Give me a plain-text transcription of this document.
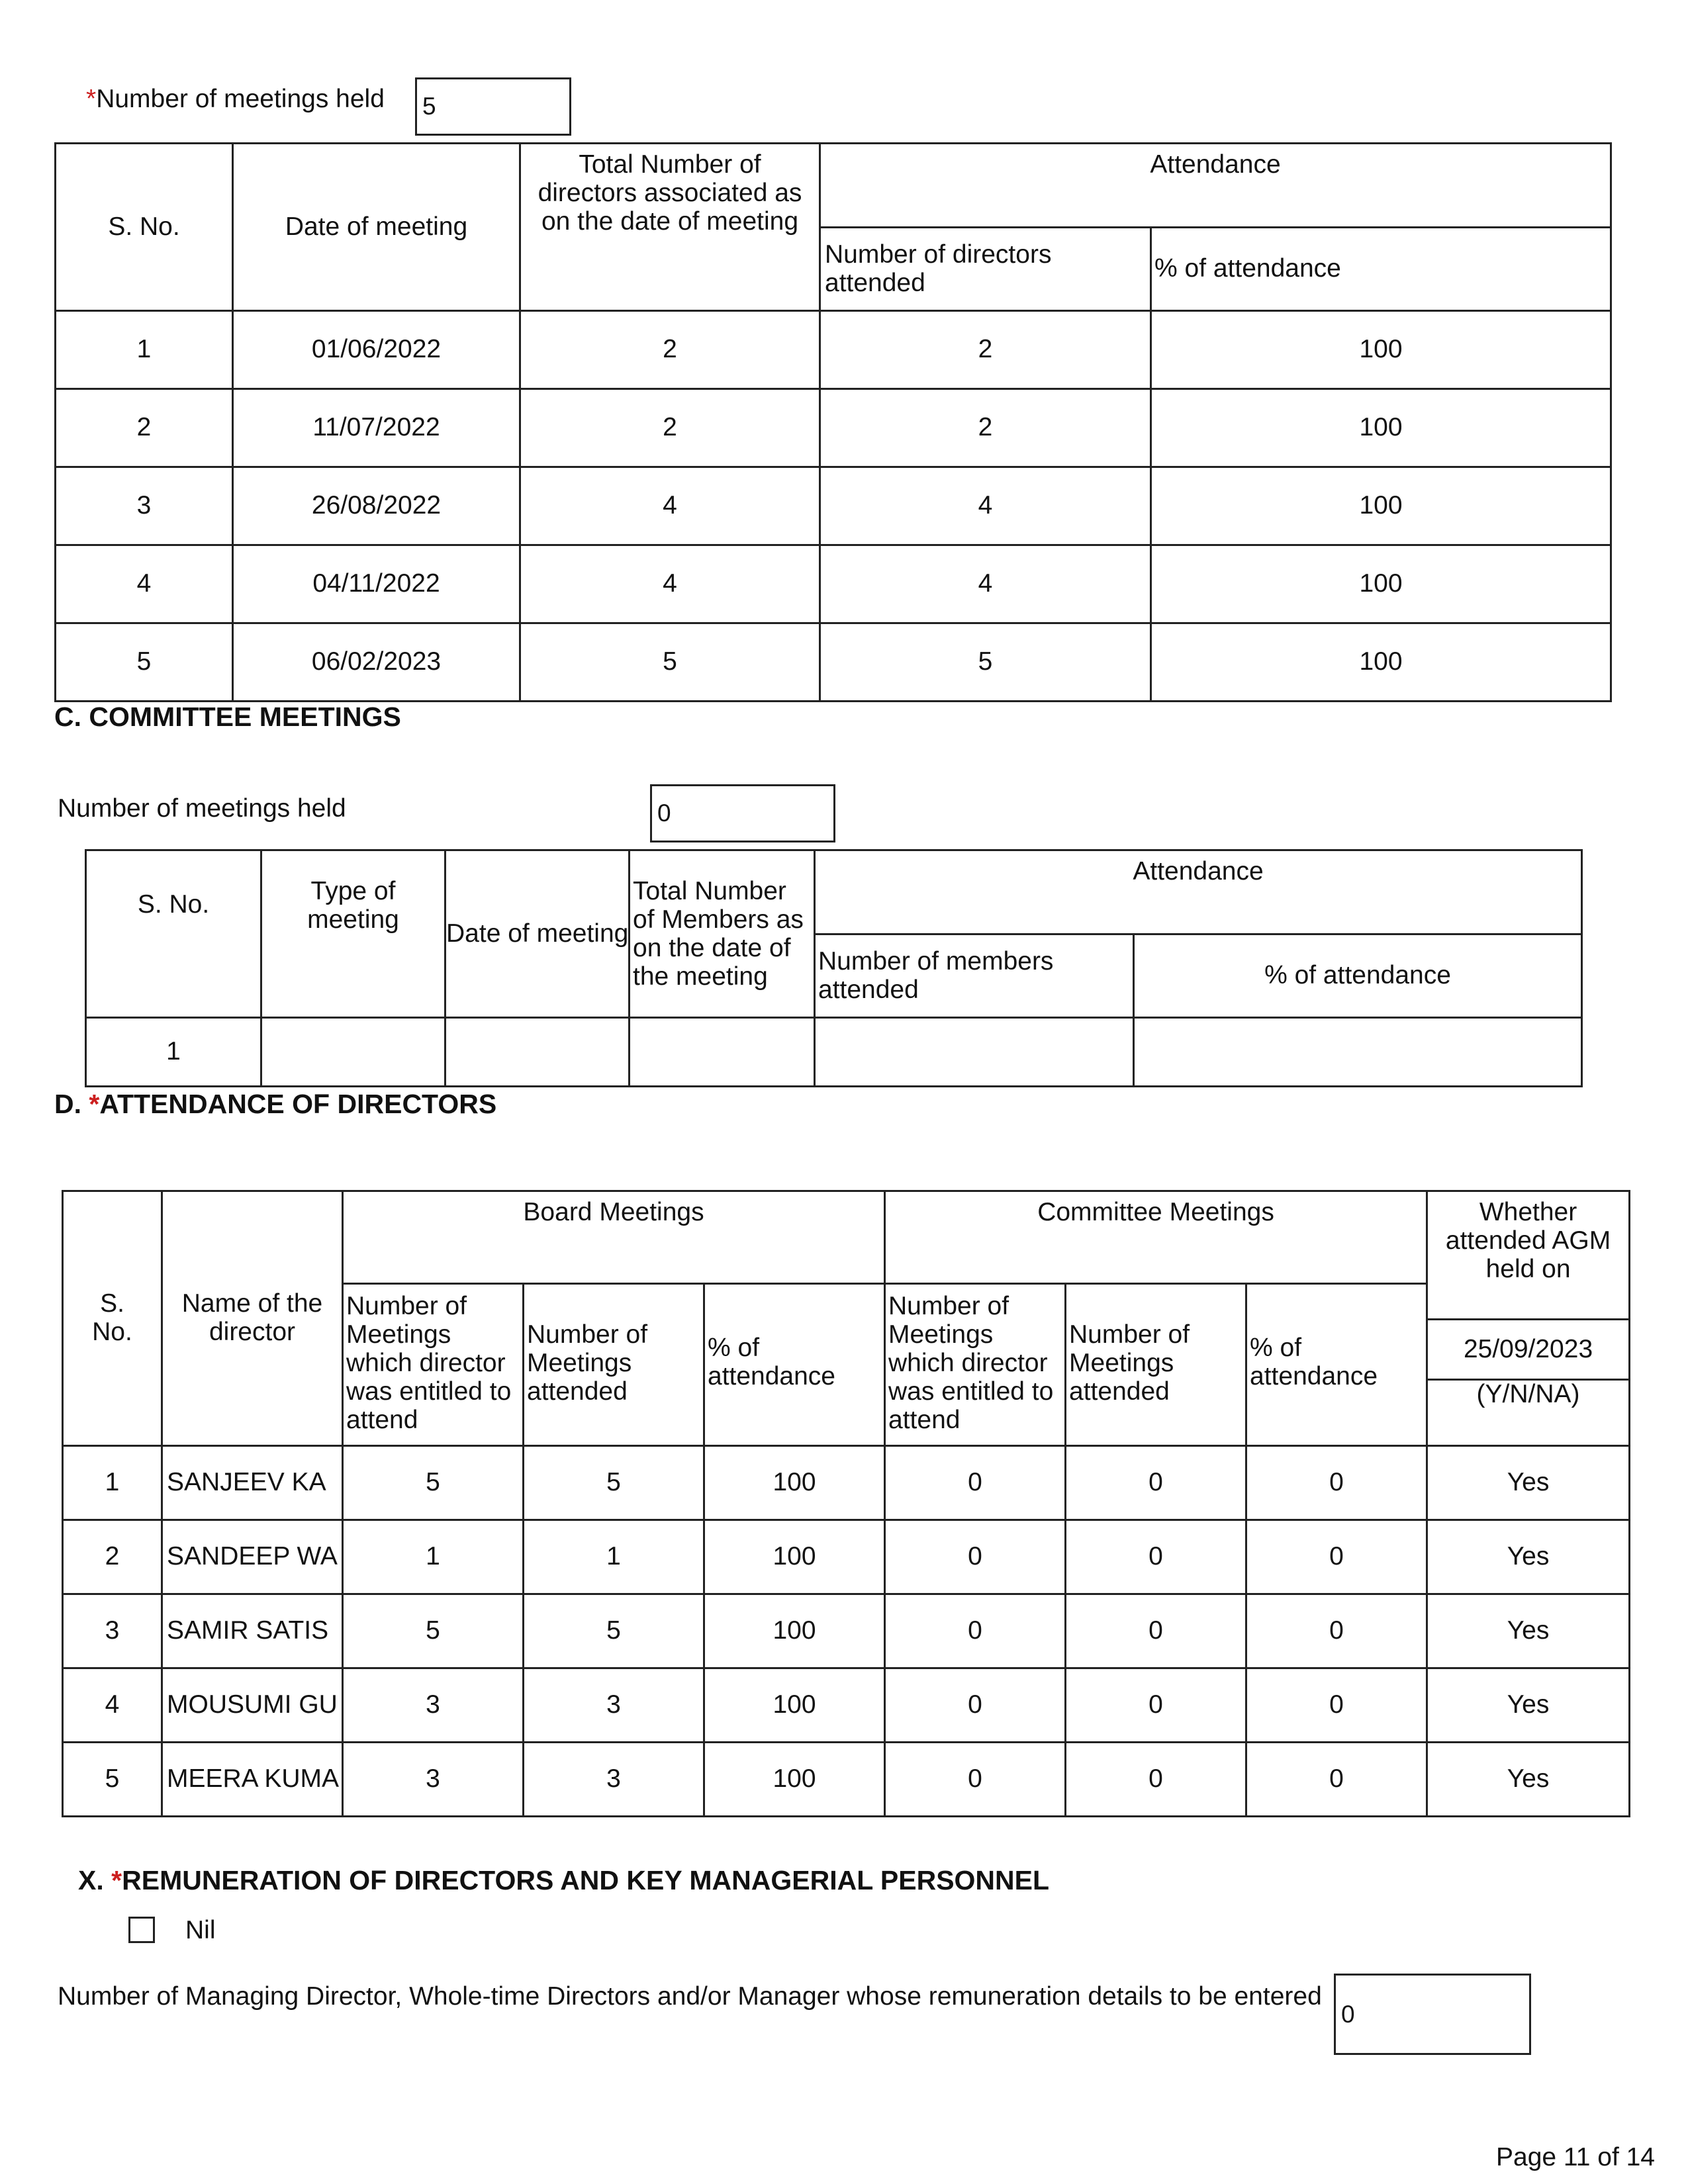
*Number of meetings held 5
S. No.	Date of meeting	Total Number of directors associated as on the date of meeting	Attendance	
			Number of directors attended	% of attendance
1	01/06/2022	2	2	100
2	11/07/2022	2	2	100
3	26/08/2022	4	4	100
4	04/11/2022	4	4	100
5	06/02/2023	5	5	100
C. COMMITTEE MEETINGS
Number of meetings held	0
S. No.	Type of meeting	Date of meeting	Total Number of Members as on the date of the meeting	Attendance	
				Number of members attended	% of attendance
1					
D. *ATTENDANCE OF DIRECTORS
S. No.	Name of the director	Board Meetings			Committee Meetings			Whether attended AGM held on
		Number of Meetings which director was entitled to attend	Number of Meetings attended	% of attendance	Number of Meetings which director was entitled to attend	Number of Meetings attended	% of attendance	25/09/2023

								(Y/N/NA)
1	SANJEEV KA	5	5	100	0	0	0	Yes
2	SANDEEP WA	1	1	100	0	0	0	Yes
3	SAMIR SATIS	5	5	100	0	0	0	Yes
4	MOUSUMI GU	3	3	100	0	0	0	Yes
5	MEERA KUMA	3	3	100	0	0	0	Yes
X. *REMUNERATION OF DIRECTORS AND KEY MANAGERIAL PERSONNEL
Nil
Number of Managing Director, Whole-time Directors and/or Manager whose remuneration details to be entered
0
Page 11 of 14
